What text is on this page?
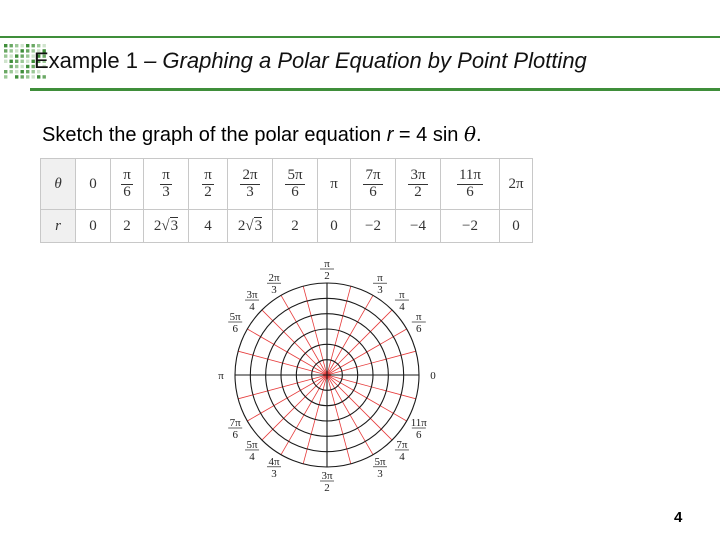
Example 1 – Graphing a Polar Equation by Point Plotting
Sketch the graph of the polar equation r = 4 sin θ.
θ	0	$\frac{\pi}{6}$	$\frac{\pi}{3}$	$\frac{\pi}{2}$	$\frac{2\pi}{3}$	$\frac{5\pi}{6}$	π	$\frac{7\pi}{6}$	$\frac{3\pi}{2}$	$\frac{11\pi}{6}$	2π
r	0	2	2√3	4	2√3	2	0	−2	−4	−2	0
0
π
6
π
4
π
3
π
2
2π
3
3π
4
5π
6
π
7π
6
5π
4 4π
3	3π
2
5π
3
7π
4
11π
6
4
